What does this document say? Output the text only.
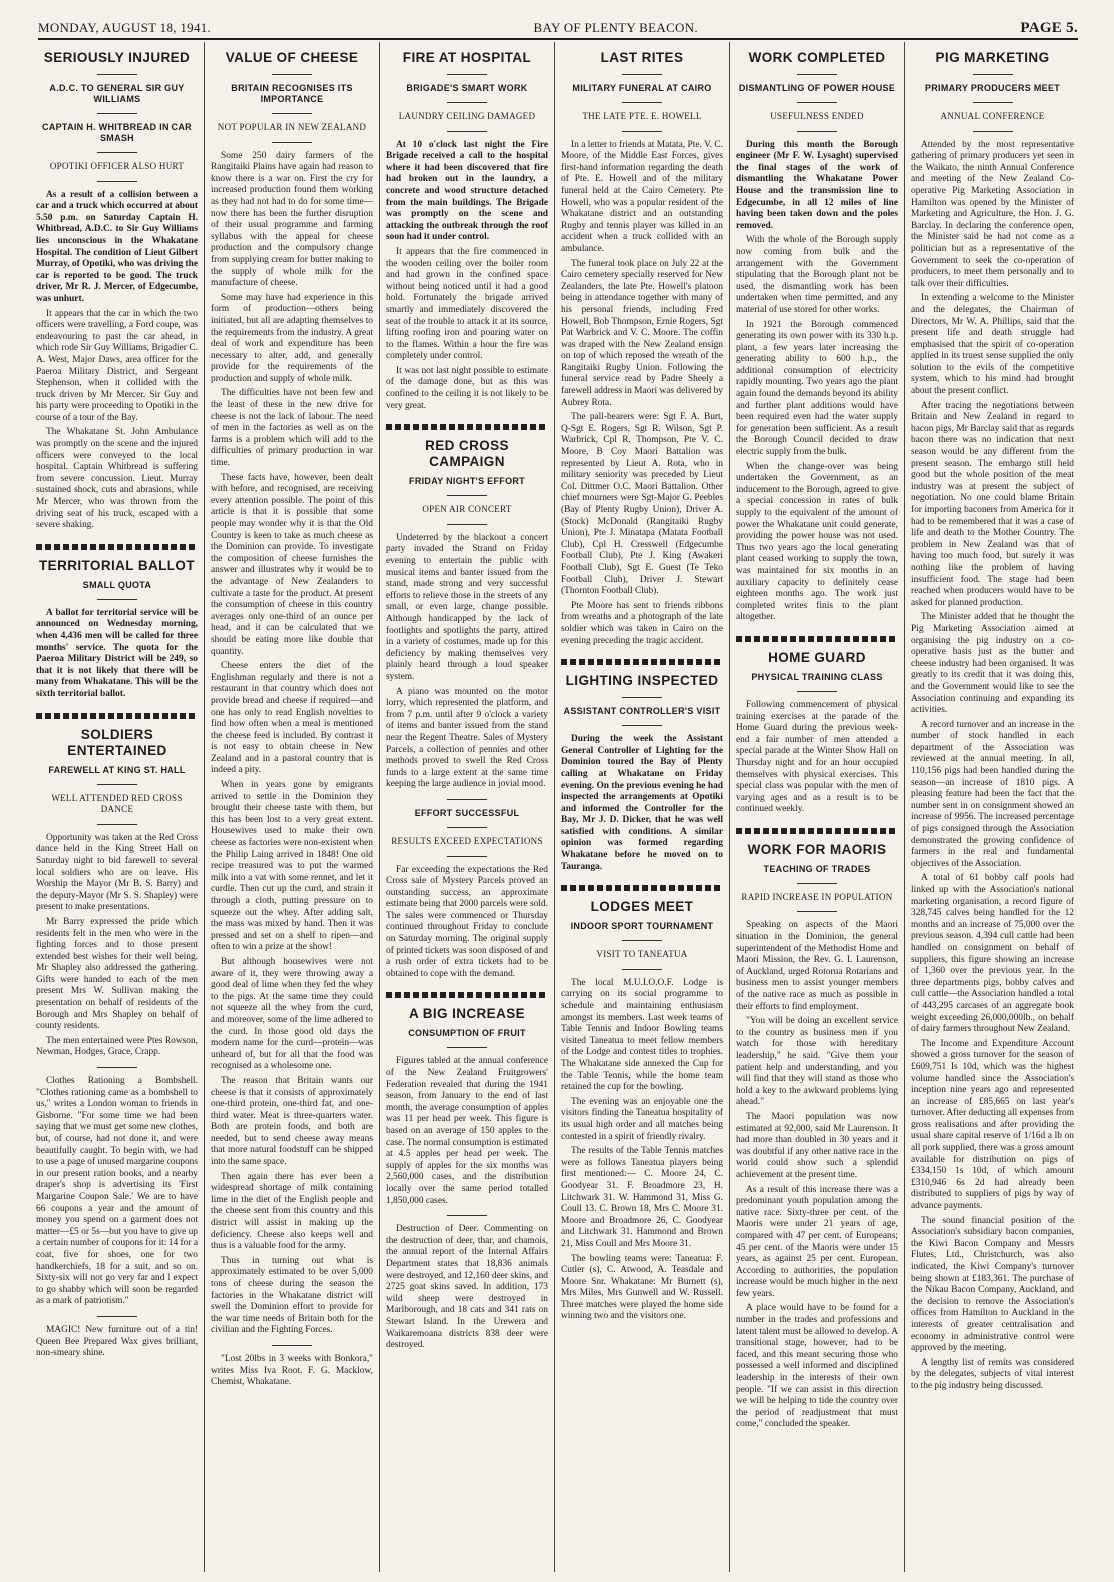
MONDAY, AUGUST 18, 1941.	BAY OF PLENTY BEACON.	PAGE 5.
SERIOUSLY INJURED
A.D.C. TO GENERAL SIR GUY WILLIAMS
CAPTAIN H. WHITBREAD IN CAR SMASH
OPOTIKI OFFICER ALSO HURT

As a result of a collision between a car and a truck which occurred at about 5.50 p.m. on Saturday Captain H. Whitbread, A.D.C. to Sir Guy Williams lies unconscious in the Whakatane Hospital. The condition of Lieut Gilbert Murray, of Opotiki, who was driving the car is reported to be good. The truck driver, Mr R. J. Mercer, of Edgecumbe, was unhurt.

It appears that the car in which the two officers were travelling, a Ford coupe, was endeavouring to past the car ahead, in which rode Sir Guy Williams, Brigadier C. A. West, Major Daws, area officer for the Paeroa Military District, and Sergeant Stephenson, when it collided with the truck driven by Mr Mercer. Sir Guy and his party were proceeding to Opotiki in the course of a tour of the Bay.

The Whakatane St. John Ambulance was promptly on the scene and the injured officers were conveyed to the local hospital. Captain Whitbread is suffering from severe concussion. Lieut. Murray sustained shock, cuts and abrasions, while Mr Mercer, who was thrown from the driving seat of his truck, escaped with a severe shaking.

TERRITORIAL BALLOT
SMALL QUOTA

A ballot for territorial service will be announced on Wednesday morning, when 4,436 men will be called for three months' service. The quota for the Paeroa Military District will be 249, so that it is not likely that there will be many from Whakatane. This will be the sixth territorial ballot.

SOLDIERS ENTERTAINED
FAREWELL AT KING ST. HALL
WELL ATTENDED RED CROSS DANCE

Opportunity was taken at the Red Cross dance held in the King Street Hall on Saturday night to bid farewell to several local soldiers who are on leave. His Worship the Mayor (Mr B. S. Barry) and the deputy-Mayor (Mr S. S. Shapley) were present to make presentations.

Mr Barry expressed the pride which residents felt in the men who were in the fighting forces and to those present extended best wishes for their well being. Mr Shapley also addressed the gathering. Gifts were handed to each of the men present Mrs W. Sullivan making the presentation on behalf of residents of the Borough and Mrs Shapley on behalf of county residents.

The men entertained were Ptes Rowson, Newman, Hodges, Grace, Crapp.

Clothes Rationing a Bombshell. "Clothes rationing came as a bombshell to us," writes a London woman to friends in Gisborne. "For some time we had been saying that we must get some new clothes, but, of course, had not done it, and were beautifully caught. To begin with, we had to use a page of unused margarine coupons in our present ration books, and a nearby draper's shop is advertising its 'First Margarine Coupon Sale.' We are to have 66 coupons a year and the amount of money you spend on a garment does not matter—£5 or 5s—but you have to give up a certain number of coupons for it: 14 for a coat, five for shoes, one for two handkerchiefs, 18 for a suit, and so on. Sixty-six will not go very far and I expect to go shabby which will soon be regarded as a mark of patriotism."

MAGIC! New furniture out of a tin! Queen Bee Prepared Wax gives brilliant, non-smeary shine.

VALUE OF CHEESE
BRITAIN RECOGNISES ITS IMPORTANCE
NOT POPULAR IN NEW ZEALAND

Some 250 dairy farmers of the Rangitaiki Plains have again had reason to know there is a war on. First the cry for increased production found them working as they had not had to do for some time—now there has been the further disruption of their usual programme and farming syllabus with the appeal for cheese production and the compulsory change from supplying cream for butter making to the supply of whole milk for the manufacture of cheese.

Some may have had experience in this form of production—others being initiated, but all are adapting themselves to the requirements from the industry. A great deal of work and expenditure has been necessary to alter, add, and generally provide for the requirements of the production and supply of whole milk.

The difficulties have not been few and the least of these in the new drive for cheese is not the lack of labour. The need of men in the factories as well as on the farms is a problem which will add to the difficulties of primary production in war time.

These facts have, however, been dealt with before, and recognised, are receiving every attention possible. The point of this article is that it is possible that some people may wonder why it is that the Old Country is keen to take as much cheese as the Dominion can provide. To investigate the composition of cheese furnishes the answer and illustrates why it would be to the advantage of New Zealanders to cultivate a taste for the product. At present the consumption of cheese in this country averages only one-third of an ounce per head, and it can be calculated that we should be eating more like double that quantity.

Cheese enters the diet of the Englishman regularly and there is not a restaurant in that country which does not provide bread and cheese if required—and one has only to read English novelties to find how often when a meal is mentioned the cheese feed is included. By contrast it is not easy to obtain cheese in New Zealand and in a pastoral country that is indeed a pity.

When in years gone by emigrants arrived to settle in the Dominion they brought their cheese taste with them, but this has been lost to a very great extent. Housewives used to make their own cheese as factories were non-existent when the Philip Laing arrived in 1848! One old recipe treasured was to put the warmed milk into a vat with some rennet, and let it curdle. Then cut up the curd, and strain it through a cloth, putting pressure on to squeeze out the whey. After adding salt, the mass was mixed by hand. Then it was pressed and set on a shelf to ripen—and often to win a prize at the show!

But although housewives were not aware of it, they were throwing away a good deal of lime when they fed the whey to the pigs. At the same time they could not squeeze all the whey from the curd, and moreover, some of the lime adhered to the curd. In those good old days the modern name for the curd—protein—was unheard of, but for all that the food was recognised as a wholesome one.

The reason that Britain wants our cheese is that it consists of approximately one-third protein, one-third fat, and one-third water. Meat is three-quarters water. Both are protein foods, and both are needed, but to send cheese away means that more natural foodstuff can be shipped into the same space.

Then again there has ever been a widespread shortage of milk containing lime in the diet of the English people and the cheese sent from this country and this district will assist in making up the deficiency. Cheese also keeps well and thus is a valuable food for the army.

Thus in turning out what is approximately estimated to be over 5,000 tons of cheese during the season the factories in the Whakatane district will swell the Dominion effort to provide for the war time needs of Britain both for the civilian and the Fighting Forces.

"Lost 20lbs in 3 weeks with Bonkora," writes Miss Iva Root. F. G. Macklow, Chemist, Whakatane.

FIRE AT HOSPITAL
BRIGADE'S SMART WORK
LAUNDRY CEILING DAMAGED

At 10 o'clock last night the Fire Brigade received a call to the hospital where it had been discovered that fire had broken out in the laundry, a concrete and wood structure detached from the main buildings. The Brigade was promptly on the scene and attacking the outbreak through the roof soon had it under control.

It appears that the fire commenced in the wooden ceiling over the boiler room and had grown in the confined space without being noticed until it had a good hold. Fortunately the brigade arrived smartly and immediately discovered the seat of the trouble to attack it at its source, lifting roofing iron and pouring water on to the flames. Within a hour the fire was completely under control.

It was not last night possible to estimate of the damage done, but as this was confined to the ceiling it is not likely to be very great.

RED CROSS CAMPAIGN
FRIDAY NIGHT'S EFFORT
OPEN AIR CONCERT

Undeterred by the blackout a concert party invaded the Strand on Friday evening to entertain the public with musical items and banter issued from the stand, made strong and very successful efforts to relieve those in the streets of any small, or even large, change possible. Although handicapped by the lack of footlights and spotlights the party, attired in a variety of costumes, made up for this deficiency by making themselves very plainly heard through a loud speaker system.

A piano was mounted on the motor lorry, which represented the platform, and from 7 p.m. until after 9 o'clock a variety of items and banter issued from the stand near the Regent Theatre. Sales of Mystery Parcels, a collection of pennies and other methods proved to swell the Red Cross funds to a large extent at the same time keeping the large audience in jovial mood.

EFFORT SUCCESSFUL
RESULTS EXCEED EXPECTATIONS

Far exceeding the expectations the Red Cross sale of Mystery Parcels proved an outstanding success, an approximate estimate being that 2000 parcels were sold. The sales were commenced or Thursday continued throughout Friday to conclude on Saturday morning. The original supply of printed tickets was soon disposed of and a rush order of extra tickets had to be obtained to cope with the demand.

A BIG INCREASE
CONSUMPTION OF FRUIT

Figures tabled at the annual conference of the New Zealand Fruitgrowers' Federation revealed that during the 1941 season, from January to the end of last month, the average consumption of apples was 11 per head per week. This figure is based on an average of 150 apples to the case. The normal consumption is estimated at 4.5 apples per head per week. The supply of apples for the six months was 2,560,000 cases, and the distribution locally over the same period totalled 1,850,000 cases.

Destruction of Deer. Commenting on the destruction of deer, thar, and chamois, the annual report of the Internal Affairs Department states that 18,836 animals were destroyed, and 12,160 deer skins, and 2725 goat skins saved. In addition, 173 wild sheep were destroyed in Marlborough, and 18 cats and 341 rats on Stewart Island. In the Urewera and Waikaremoana districts 838 deer were destroyed.

LAST RITES
MILITARY FUNERAL AT CAIRO
THE LATE PTE. E. HOWELL

In a letter to friends at Matata, Pte. V. C. Moore, of the Middle East Forces, gives first-hand information regarding the death of Pte. E. Howell and of the military funeral held at the Cairo Cemetery. Pte Howell, who was a popular resident of the Whakatane district and an outstanding Rugby and tennis player was killed in an accident when a truck collided with an ambulance.

The funeral took place on July 22 at the Cairo cemetery specially reserved for New Zealanders, the late Pte. Howell's platoon being in attendance together with many of his personal friends, including Fred Howell, Bob Thompson, Ernie Rogers, Sgt Pat Warbrick and V. C. Moore. The coffin was draped with the New Zealand ensign on top of which reposed the wreath of the Rangitaiki Rugby Union. Following the funeral service read by Padre Sheely a farewell address in Maori was delivered by Aubrey Rota.

The pall-bearers were: Sgt F. A. Burt, Q-Sgt E. Rogers, Sgt R. Wilson, Sgt P. Warbrick, Cpl R. Thompson, Pte V. C. Moore, B Coy Maori Battalion was represented by Lieut A. Rota, who in military seniority was preceded by Lieut Col. Dittmer O.C. Maori Battalion. Other chief mourners were Sgt-Major G. Peebles (Bay of Plenty Rugby Union), Driver A. (Stock) McDonald (Rangitaiki Rugby Union), Pte J. Minatapa (Matata Football Club), Cpl H. Cresswell (Edgecumbe Football Club), Pte J. King (Awakeri Football Club), Sgt E. Guest (Te Teko Football Club), Driver J. Stewart (Thornton Football Club).

Pte Moore has sent to friends ribbons from wreaths and a photograph of the late soldier which was taken in Cairo on the evening preceding the tragic accident.

LIGHTING INSPECTED
ASSISTANT CONTROLLER'S VISIT

During the week the Assistant General Controller of Lighting for the Dominion toured the Bay of Plenty calling at Whakatane on Friday evening. On the previous evening he had inspected the arrangements at Opotiki and informed the Controller for the Bay, Mr J. D. Dicker, that he was well satisfied with conditions. A similar opinion was formed regarding Whakatane before he moved on to Tauranga.

LODGES MEET
INDOOR SPORT TOURNAMENT
VISIT TO TANEATUA

The local M.U.I.O.O.F. Lodge is carrying on its social programme to schedule and maintaining enthusiasm amongst its members. Last week teams of Table Tennis and Indoor Bowling teams visited Taneatua to meet fellow members of the Lodge and contest titles to trophies. The Whakatane side annexed the Cup for the Table Tennis, while the home team retained the cup for the bowling.

The evening was an enjoyable one the visitors finding the Taneatua hospitality of its usual high order and all matches being contested in a spirit of friendly rivalry.

The results of the Table Tennis matches were as follows Taneatua players being first mentioned:— C. Moore 24, C. Goodyear 31. F. Broadmore 23, H. Litchwark 31. W. Hammond 31, Miss G. Coull 13. C. Brown 18, Mrs C. Moore 31. Moore and Broadmore 26, C. Goodyear and Litchwark 31. Hammond and Brown 21, Miss Coull and Mrs Moore 31.

The bowling teams were: Taneatua: F. Cutler (s), C. Atwood, A. Teasdale and Moore Snr. Whakatane: Mr Burnett (s), Mrs Miles, Mrs Gunwell and W. Russell. Three matches were played the home side winning two and the visitors one.

WORK COMPLETED
DISMANTLING OF POWER HOUSE
USEFULNESS ENDED

During this month the Borough engineer (Mr F. W. Lysaght) supervised the final stages of the work of dismantling the Whakatane Power House and the transmission line to Edgecumbe, in all 12 miles of line having been taken down and the poles removed.

With the whole of the Borough supply now coming from bulk and the arrangement with the Government stipulating that the Borough plant not be used, the dismantling work has been undertaken when time permitted, and any material of use stored for other works.

In 1921 the Borough commenced generating its own power with its 330 h.p. plant, a few years later increasing the generating ability to 600 h.p., the additional consumption of electricity rapidly mounting. Two years ago the plant again found the demands beyond its ability and further plant additions would have been required even had the water supply for generation been sufficient. As a result the Borough Council decided to draw electric supply from the bulk.

When the change-over was being undertaken the Government, as an inducement to the Borough, agreed to give a special concession in rates of bulk supply to the equivalent of the amount of power the Whakatane unit could generate, providing the power house was not used. Thus two years ago the local generating plant ceased working to supply the town, was maintained for six months in an auxiliary capacity to definitely cease eighteen months ago. The work just completed writes finis to the plant altogether.

HOME GUARD
PHYSICAL TRAINING CLASS

Following commencement of physical training exercises at the parade of the Home Guard during the previous week-end a fair number of men attended a special parade at the Winter Show Hall on Thursday night and for an hour occupied themselves with physical exercises. This special class was popular with the men of varying ages and as a result is to be continued weekly.

WORK FOR MAORIS
TEACHING OF TRADES
RAPID INCREASE IN POPULATION

Speaking on aspects of the Maori situation in the Dominion, the general superintendent of the Methodist Home and Maori Mission, the Rev. G. I. Laurenson, of Auckland, urged Rotorua Rotarians and business men to assist younger members of the native race as much as possible in their efforts to find employment.

"You will be doing an excellent service to the country as business men if you watch for those with hereditary leadership," he said. "Give them your patient help and understanding, and you will find that they will stand as those who hold a key to the awkward problems lying ahead."

The Maori population was now estimated at 92,000, said Mr Laurenson. It had more than doubled in 30 years and it was doubtful if any other native race in the world could show such a splendid achievement at the present time.

As a result of this increase there was a predominant youth population among the native race. Sixty-three per cent. of the Maoris were under 21 years of age, compared with 47 per cent. of Europeans; 45 per cent. of the Maoris were under 15 years, as against 25 per cent. European. According to authorities, the population increase would be much higher in the next few years.

A place would have to be found for a number in the trades and professions and latent talent must be allowed to develop. A transitional stage, however, had to be faced, and this meant securing those who possessed a well informed and disciplined leadership in the interests of their own people. "If we can assist in this direction we will be helping to tide the country over the period of readjustment that must come," concluded the speaker.

PIG MARKETING
PRIMARY PRODUCERS MEET
ANNUAL CONFERENCE

Attended by the most representative gathering of primary producers yet seen in the Waikato, the ninth Annual Conference and meeting of the New Zealand Co-operative Pig Marketing Association in Hamilton was opened by the Minister of Marketing and Agriculture, the Hon. J. G. Barclay. In declaring the conference open, the Minister said he had not come as a politician but as a representative of the Government to seek the co-operation of producers, to meet them personally and to talk over their difficulties.

In extending a welcome to the Minister and the delegates, the Chairman of Directors, Mr W. A. Phillips, said that the present life and death struggle had emphasised that the spirit of co-operation applied in its truest sense supplied the only solution to the evils of the competitive system, which to his mind had brought about the present conflict.

After tracing the negotiations between Britain and New Zealand in regard to bacon pigs, Mr Barclay said that as regards bacon there was no indication that next season would be any different from the present season. The embargo still held good but the whole position of the meat industry was at present the subject of negotiation. No one could blame Britain for importing baconers from America for it had to be remembered that it was a case of life and death to the Mother Country. The problem in New Zealand was that of having too much food, but surely it was nothing like the problem of having insufficient food. The stage had been reached when producers would have to be asked for planned production.

The Minister added that he thought the Pig Marketing Association aimed at organising the pig industry on a co-operative basis just as the butter and cheese industry had been organised. It was greatly to its credit that it was doing this, and the Government would like to see the Association continuing and expanding its activities.

A record turnover and an increase in the number of stock handled in each department of the Association was reviewed at the annual meeting. In all, 110,156 pigs had been handled during the season—an increase of 1810 pigs. A pleasing feature had been the fact that the number sent in on consignment showed an increase of 9956. The increased percentage of pigs consigned through the Association demonstrated the growing confidence of farmers in the real and fundamental objectives of the Association.

A total of 61 bobby calf pools had linked up with the Association's national marketing organisation, a record figure of 328,745 calves being handled for the 12 months and an increase of 75,000 over the previous season. 4,394 cull cattle had been handled on consignment on behalf of suppliers, this figure showing an increase of 1,360 over the previous year. In the three departments pigs, bobby calves and cull cattle—the Association handled a total of 443,295 carcases of an aggregate book weight exceeding 26,000,000lb., on behalf of dairy farmers throughout New Zealand.

The Income and Expenditure Account showed a gross turnover for the season of £609,751 Is 10d, which was the highest volume handled since the Association's inception nine years ago and represented an increase of £85,665 on last year's turnover. After deducting all expenses from gross realisations and after providing the usual share capital reserve of 1/16d a lb on all pork supplied, there was a gross amount available for distribution on pigs of £334,150 1s 10d, of which amount £310,946 6s 2d had already been distributed to suppliers of pigs by way of advance payments.

The sound financial position of the Association's subsidiary bacon companies, the Kiwi Bacon Company and Messrs Flutes, Ltd., Christchurch, was also indicated, the Kiwi Company's turnover being shown at £183,361. The purchase of the Nikau Bacon Company, Auckland, and the decision to remove the Association's offices from Hamilton to Auckland in the interests of greater centralisation and economy in administrative control were approved by the meeting.

A lengthy list of remits was considered by the delegates, subjects of vital interest to the pig industry being discussed.
